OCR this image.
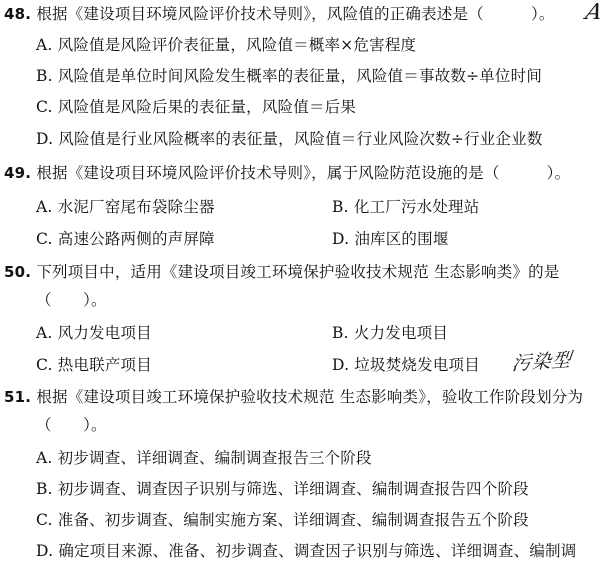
48. 根据《建设项目环境风险评价技术导则》，风险值的正确表述是（　　　）。
A. 风险值是风险评价表征量，风险值＝概率×危害程度
B. 风险值是单位时间风险发生概率的表征量，风险值＝事故数÷单位时间
C. 风险值是风险后果的表征量，风险值＝后果
D. 风险值是行业风险概率的表征量，风险值＝行业风险次数÷行业企业数
49. 根据《建设项目环境风险评价技术导则》，属于风险防范设施的是（　　　）。
A. 水泥厂窑尾布袋除尘器	B. 化工厂污水处理站
C. 高速公路两侧的声屏障	D. 油库区的围堰
50. 下列项目中，适用《建设项目竣工环境保护验收技术规范 生态影响类》的是
（　　）。
A. 风力发电项目	B. 火力发电项目
C. 热电联产项目	D. 垃圾焚烧发电项目
51. 根据《建设项目竣工环境保护验收技术规范 生态影响类》，验收工作阶段划分为
（　　）。
A. 初步调查、详细调查、编制调查报告三个阶段
B. 初步调查、调查因子识别与筛选、详细调查、编制调查报告四个阶段
C. 准备、初步调查、编制实施方案、详细调查、编制调查报告五个阶段
D. 确定项目来源、准备、初步调查、调查因子识别与筛选、详细调查、编制调
A
污染型
